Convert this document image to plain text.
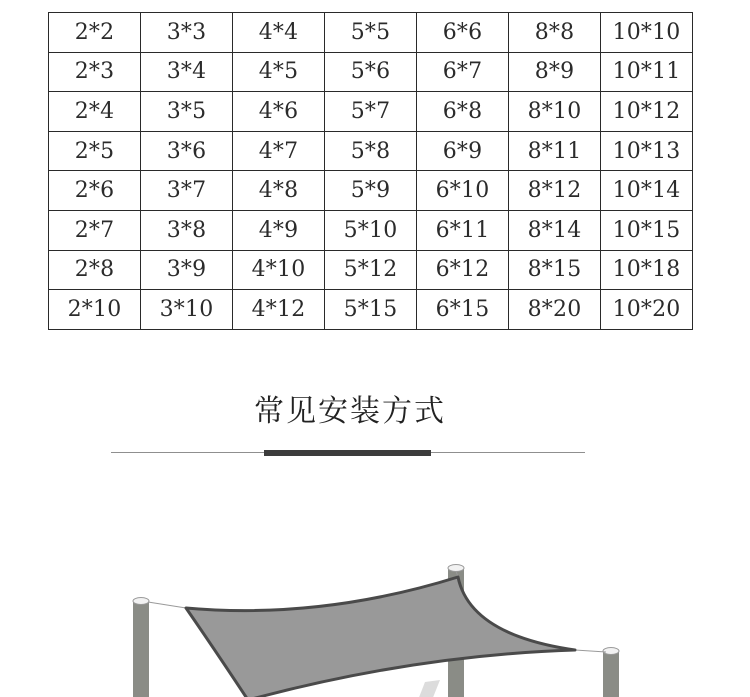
2*2	3*3	4*4	5*5	6*6	8*8	10*10
2*3	3*4	4*5	5*6	6*7	8*9	10*11
2*4	3*5	4*6	5*7	6*8	8*10	10*12
2*5	3*6	4*7	5*8	6*9	8*11	10*13
2*6	3*7	4*8	5*9	6*10	8*12	10*14
2*7	3*8	4*9	5*10	6*11	8*14	10*15
2*8	3*9	4*10	5*12	6*12	8*15	10*18
2*10	3*10	4*12	5*15	6*15	8*20	10*20
常见安装方式
